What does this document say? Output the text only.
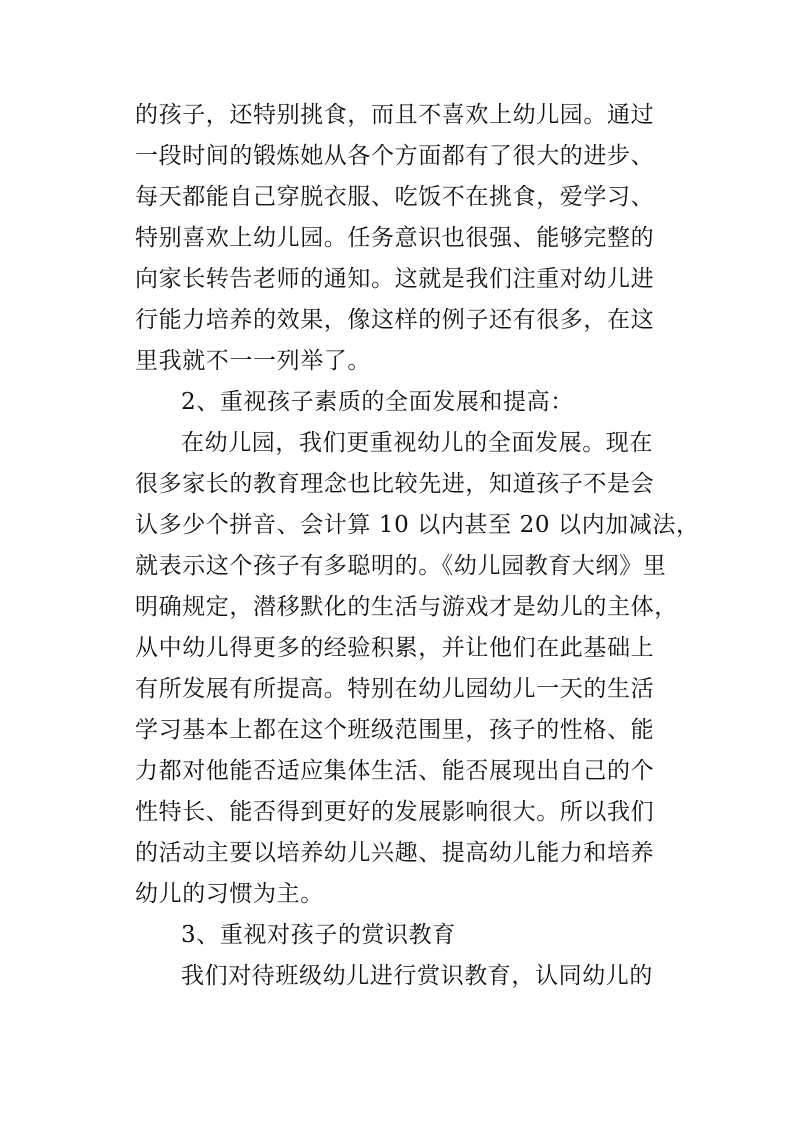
的孩子，还特别挑食，而且不喜欢上幼儿园。通过
一段时间的锻炼她从各个方面都有了很大的进步、
每天都能自己穿脱衣服、吃饭不在挑食，爱学习、
特别喜欢上幼儿园。任务意识也很强、能够完整的
向家长转告老师的通知。这就是我们注重对幼儿进
行能力培养的效果，像这样的例子还有很多，在这
里我就不一一列举了。
2、重视孩子素质的全面发展和提高：
在幼儿园，我们更重视幼儿的全面发展。现在
很多家长的教育理念也比较先进，知道孩子不是会
认多少个拼音、会计算 10 以内甚至 20 以内加减法，
就表示这个孩子有多聪明的。《幼儿园教育大纲》里
明确规定，潜移默化的生活与游戏才是幼儿的主体，
从中幼儿得更多的经验积累，并让他们在此基础上
有所发展有所提高。特别在幼儿园幼儿一天的生活
学习基本上都在这个班级范围里，孩子的性格、能
力都对他能否适应集体生活、能否展现出自己的个
性特长、能否得到更好的发展影响很大。所以我们
的活动主要以培养幼儿兴趣、提高幼儿能力和培养
幼儿的习惯为主。
3、重视对孩子的赏识教育
我们对待班级幼儿进行赏识教育，认同幼儿的
